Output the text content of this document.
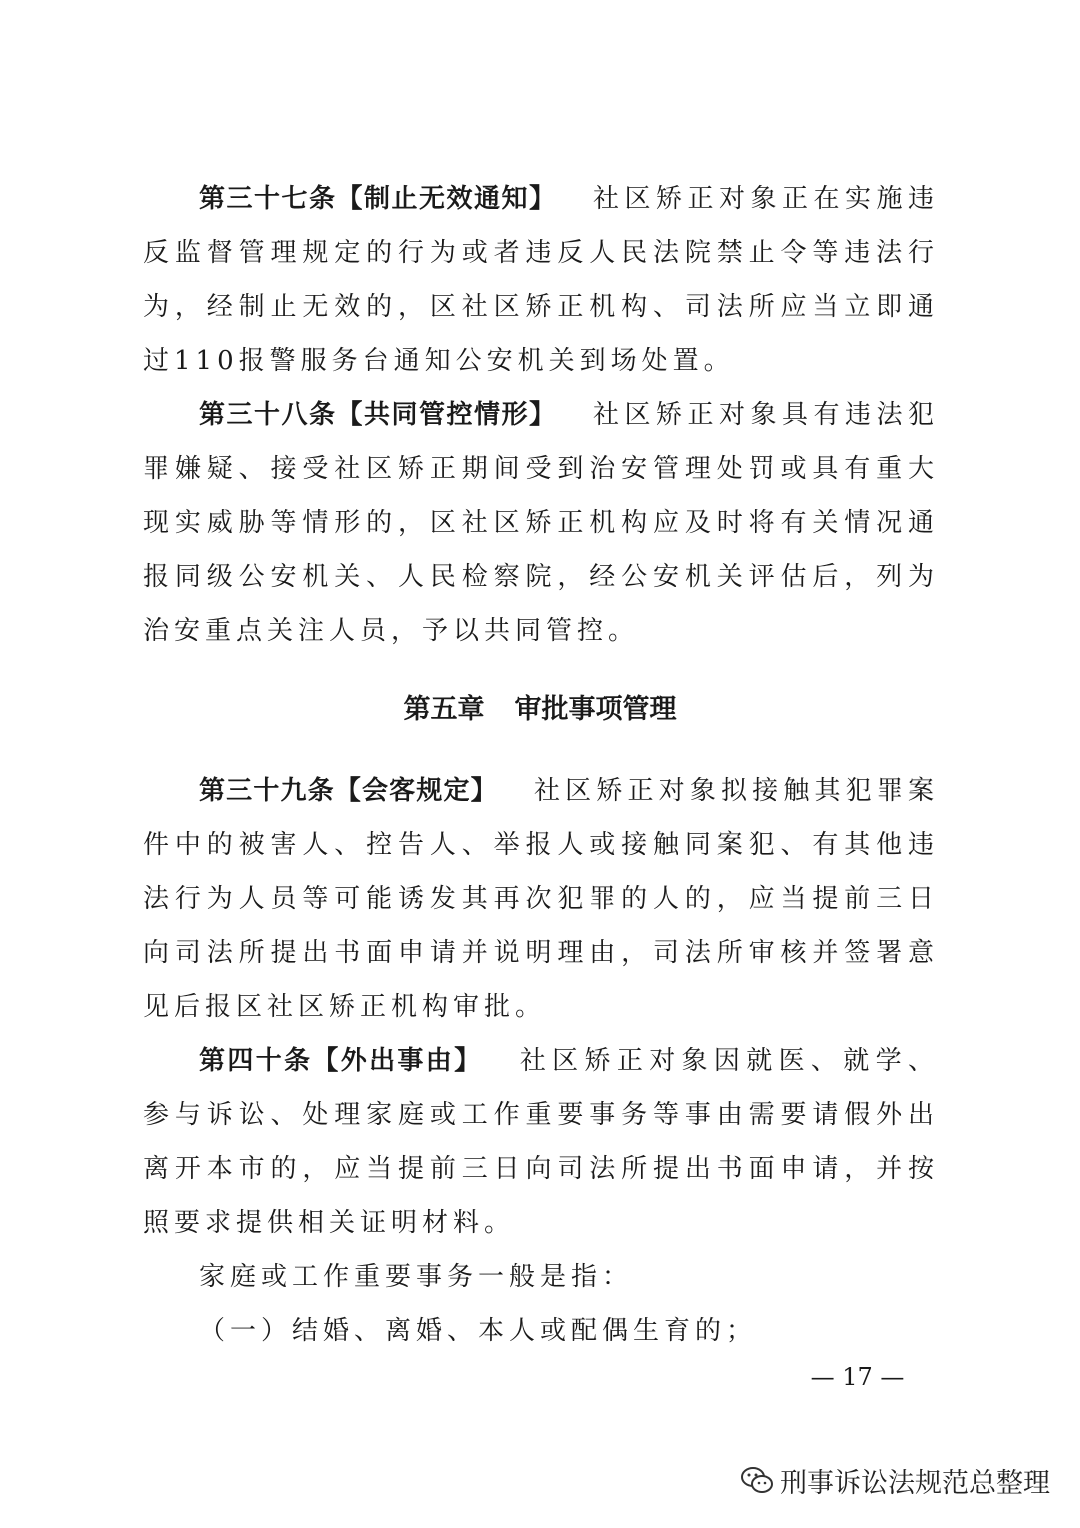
第三十七条【制止无效通知】 社区矫正对象正在实施违反监督管理规定的行为或者违反人民法院禁止令等违法行为，经制止无效的，区社区矫正机构、司法所应当立即通过110报警服务台通知公安机关到场处置。

第三十八条【共同管控情形】 社区矫正对象具有违法犯罪嫌疑、接受社区矫正期间受到治安管理处罚或具有重大现实威胁等情形的，区社区矫正机构应及时将有关情况通报同级公安机关、人民检察院，经公安机关评估后，列为治安重点关注人员，予以共同管控。

第五章 审批事项管理

第三十九条【会客规定】 社区矫正对象拟接触其犯罪案件中的被害人、控告人、举报人或接触同案犯、有其他违法行为人员等可能诱发其再次犯罪的人的，应当提前三日向司法所提出书面申请并说明理由，司法所审核并签署意见后报区社区矫正机构审批。

第四十条【外出事由】 社区矫正对象因就医、就学、参与诉讼、处理家庭或工作重要事务等事由需要请假外出离开本市的，应当提前三日向司法所提出书面申请，并按照要求提供相关证明材料。

家庭或工作重要事务一般是指：

（一）结婚、离婚、本人或配偶生育的；

— 17 —
刑事诉讼法规范总整理
